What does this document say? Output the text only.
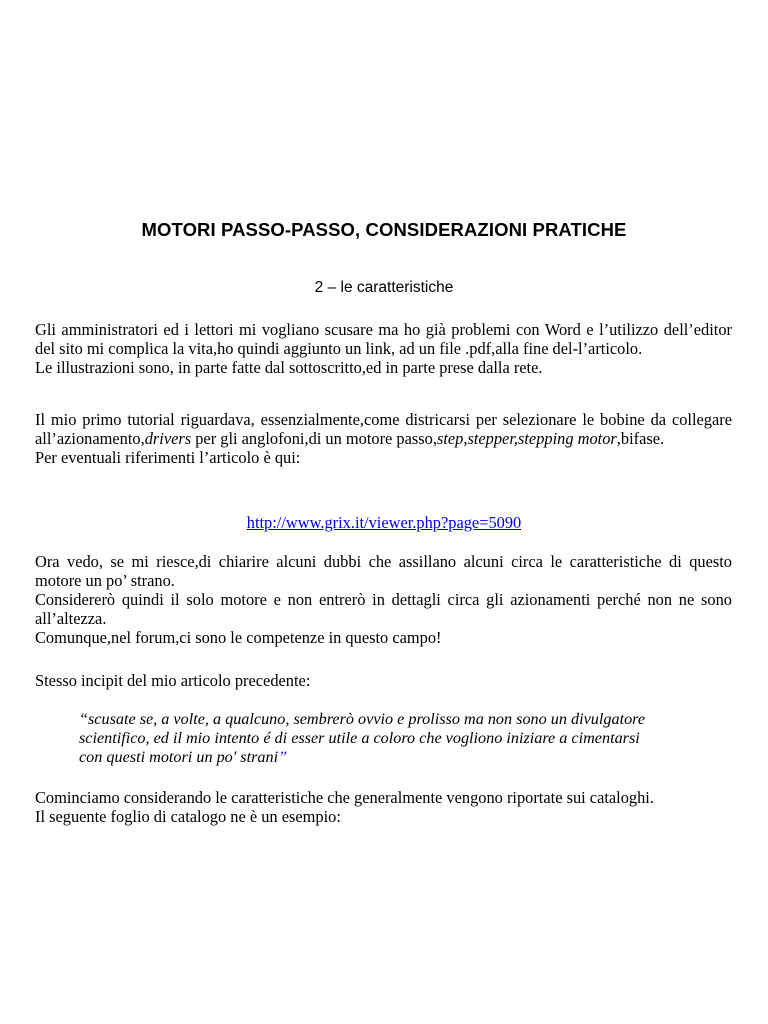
MOTORI PASSO-PASSO, CONSIDERAZIONI PRATICHE
2 – le caratteristiche

Gli amministratori ed i lettori mi vogliano scusare ma ho già problemi con Word e l’utilizzo dell’editor del sito mi complica la vita,ho quindi aggiunto un link, ad un file .pdf,alla fine del-l’articolo.

Le illustrazioni sono, in parte fatte dal sottoscritto,ed in parte prese dalla rete.

Il mio primo tutorial riguardava, essenzialmente,come districarsi per selezionare le bobine da collegare all’azionamento,drivers per gli anglofoni,di un motore passo,step,stepper,stepping motor,bifase.

Per eventuali riferimenti l’articolo è qui:

http://www.grix.it/viewer.php?page=5090

Ora vedo, se mi riesce,di chiarire alcuni dubbi che assillano alcuni circa le caratteristiche di questo motore un po’ strano.

Considererò quindi il solo motore e non entrerò in dettagli circa gli azionamenti perché non ne sono all’altezza.

Comunque,nel forum,ci sono le competenze in questo campo!

Stesso incipit del mio articolo precedente:

“scusate se, a volte, a qualcuno, sembrerò ovvio e prolisso ma non sono un divulgatore
scientifico, ed il mio intento é di esser utile a coloro che vogliono iniziare a cimentarsi
con questi motori un po' strani”

Cominciamo considerando le caratteristiche che generalmente vengono riportate sui cataloghi.

Il seguente foglio di catalogo ne è un esempio:
